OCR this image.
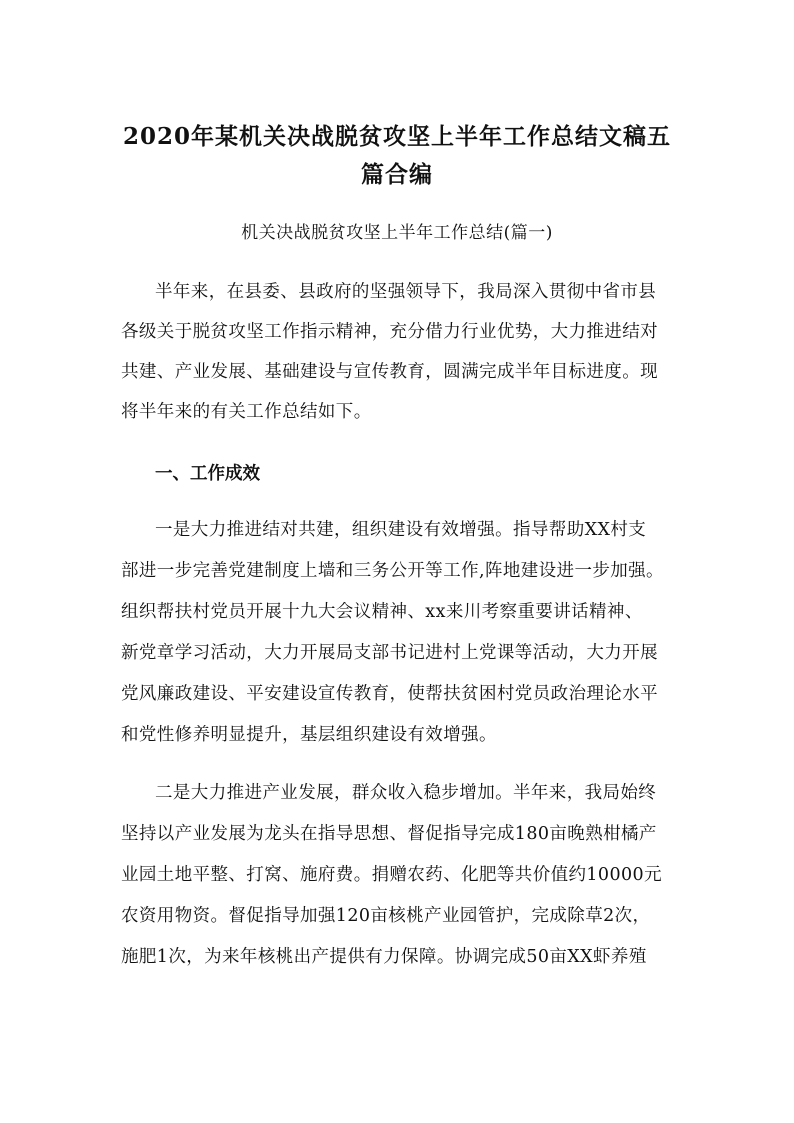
2020年某机关决战脱贫攻坚上半年工作总结文稿五
篇合编
机关决战脱贫攻坚上半年工作总结(篇一)
半年来，在县委、县政府的坚强领导下，我局深入贯彻中省市县
各级关于脱贫攻坚工作指示精神，充分借力行业优势，大力推进结对
共建、产业发展、基础建设与宣传教育，圆满完成半年目标进度。现
将半年来的有关工作总结如下。
一、工作成效
一是大力推进结对共建，组织建设有效增强。指导帮助XX村支
部进一步完善党建制度上墙和三务公开等工作,阵地建设进一步加强。
组织帮扶村党员开展十九大会议精神、xx来川考察重要讲话精神、
新党章学习活动，大力开展局支部书记进村上党课等活动，大力开展
党风廉政建设、平安建设宣传教育，使帮扶贫困村党员政治理论水平
和党性修养明显提升，基层组织建设有效增强。
二是大力推进产业发展，群众收入稳步增加。半年来，我局始终
坚持以产业发展为龙头在指导思想、督促指导完成180亩晚熟柑橘产
业园土地平整、打窝、施府费。捐赠农药、化肥等共价值约10000元
农资用物资。督促指导加强120亩核桃产业园管护，完成除草2次，
施肥1次，为来年核桃出产提供有力保障。协调完成50亩XX虾养殖
